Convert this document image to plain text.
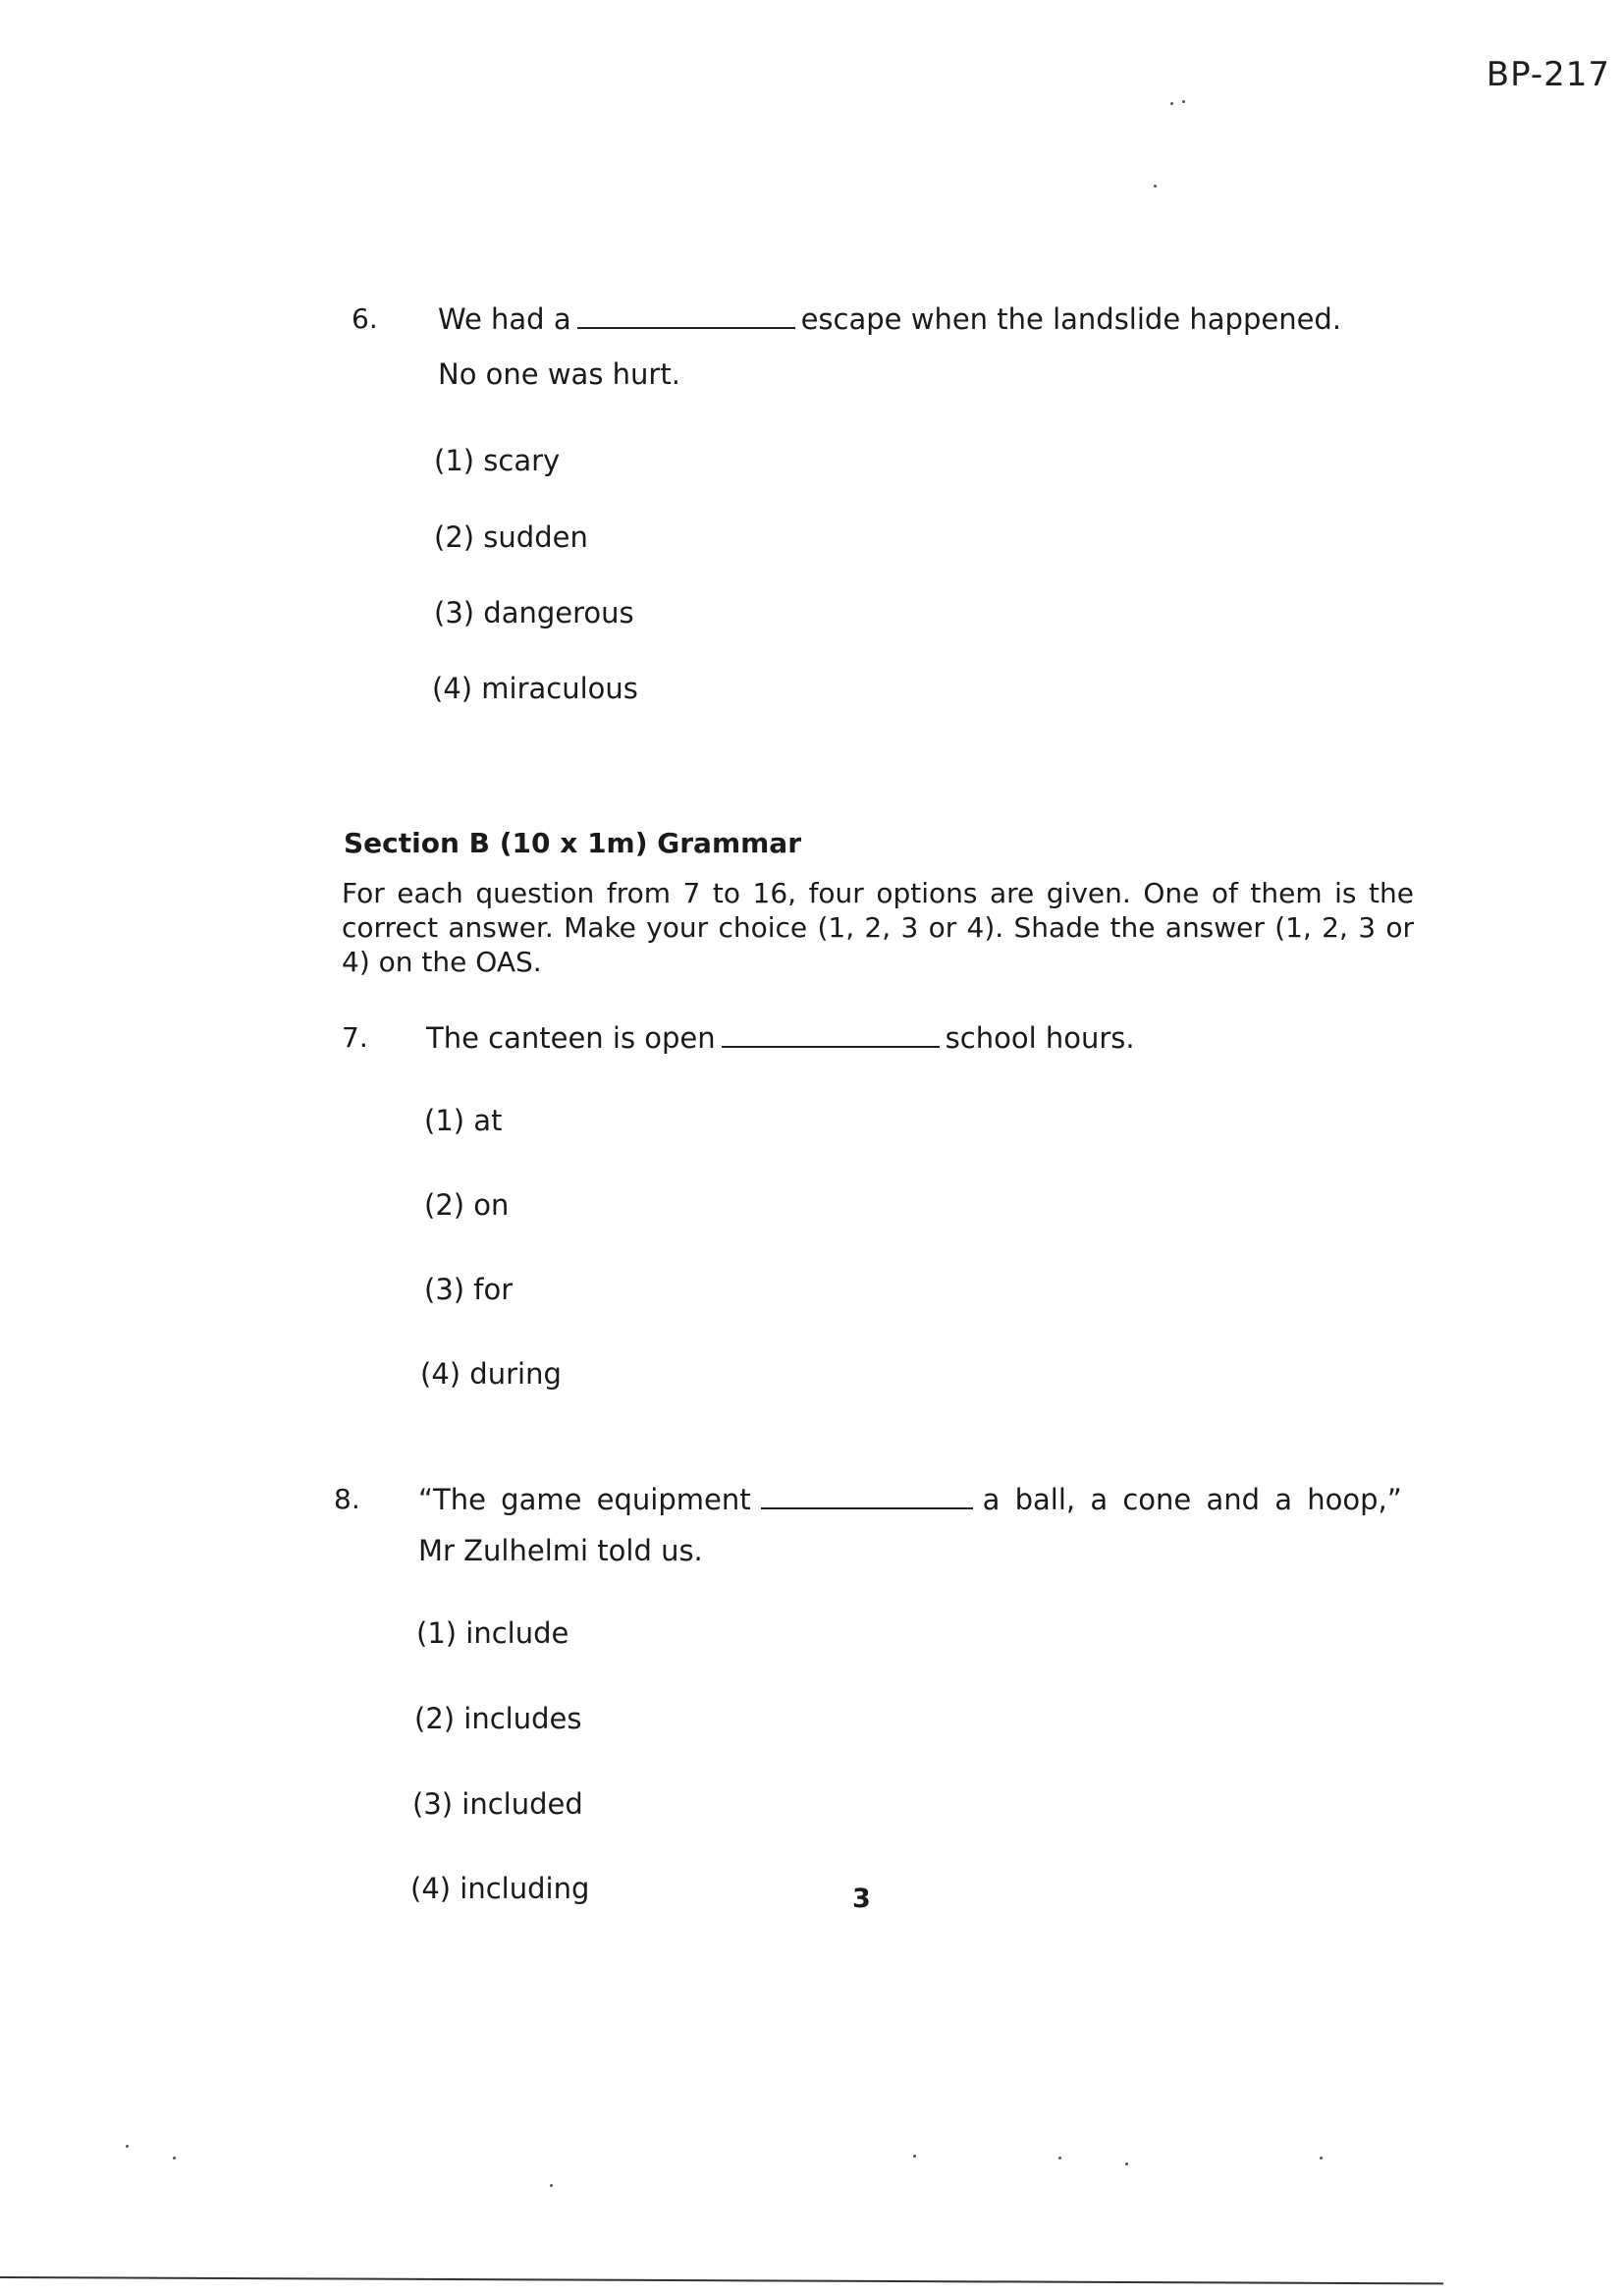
BP-217
6. We had a	escape when the landslide happened.
No one was hurt.
(1) scary
(2) sudden
(3) dangerous
(4) miraculous
Section B (10 x 1m) Grammar
For each question from 7 to 16, four options are given. One of them is the correct answer. Make your choice (1, 2, 3 or 4). Shade the answer (1, 2, 3 or 4) on the OAS.
7. The canteen is open	school hours.
(1) at
(2) on
(3) for
(4) during
8. “The game equipment	a ball, a cone and a hoop,”
Mr Zulhelmi told us.
(1) include
(2) includes
(3) included
(4) including	3
